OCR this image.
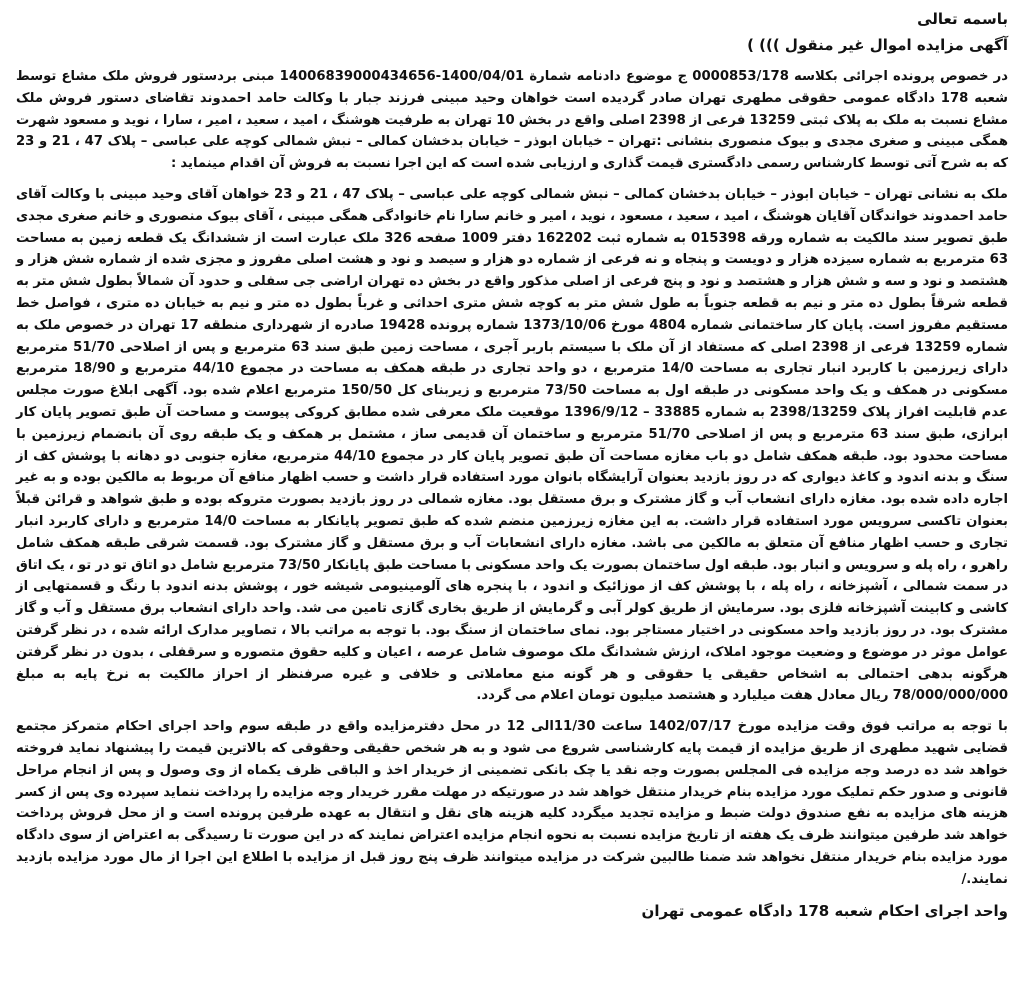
باسمه تعالی

آگهی مزایده اموال غیر منقول ))) )

در خصوص پرونده اجرائی بکلاسه 0000853/178 ج موضوع دادنامه شمارة 1400/04/01-14006839000434656 مبنی بردستور فروش ملک مشاع توسط شعبه 178 دادگاه عمومی حقوقی مطهری تهران صادر گردیده است خواهان وحید مبینی فرزند جبار با وکالت حامد احمدوند تقاضای دستور فروش ملک مشاع نسبت به ملک به پلاک ثبتی 13259 فرعی از 2398 اصلی واقع در بخش 10 تهران به طرفیت هوشنگ ، امید ، سعید ، امیر ، سارا ، نوید و مسعود شهرت همگی مبینی و صغری مجدی و بیوک منصوری بنشانی :تهران – خیابان ابوذر – خیابان بدخشان کمالی – نبش شمالی کوچه علی عباسی – پلاک 47 ، 21 و 23 که به شرح آتی توسط کارشناس رسمی دادگستری قیمت گذاری و ارزیابی شده است که این اجرا نسبت به فروش آن اقدام مینماید :

ملک به نشانی تهران – خیابان ابوذر – خیابان بدخشان کمالی – نبش شمالی کوچه علی عباسی – پلاک 47 ، 21 و 23 خواهان آقای وحید مبینی با وکالت آقای حامد احمدوند خواندگان آقایان هوشنگ ، امید ، سعید ، مسعود ، نوید ، امیر و خانم سارا نام خانوادگی همگی مبینی ، آقای بیوک منصوری و خانم صغری مجدی طبق تصویر سند مالکیت به شماره ورقه 015398 به شماره ثبت 162202 دفتر 1009 صفحه 326 ملک عبارت است از ششدانگ یک قطعه زمین به مساحت 63 مترمربع به شماره سیزده هزار و دویست و پنجاه و نه فرعی از شماره دو هزار و سیصد و نود و هشت اصلی مفروز و مجزی شده از شماره شش هزار و هشتصد و نود و سه و شش هزار و هشتصد و نود و پنج فرعی از اصلی مذکور واقع در بخش ده تهران اراضی جی سفلی و حدود آن شمالاً بطول شش متر به قطعه شرقاً بطول ده متر و نیم به قطعه جنوباً به طول شش متر به کوچه شش متری احداثی و غرباً بطول ده متر و نیم به خیابان ده متری ، فواصل خط مستقیم مفروز است. پایان کار ساختمانی شماره 4804 مورخ 1373/10/06 شماره پرونده 19428 صادره از شهرداری منطقه 17 تهران در خصوص ملک به شماره 13259 فرعی از 2398 اصلی که مستفاد از آن ملک با سیستم باربر آجری ، مساحت زمین طبق سند 63 مترمربع و پس از اصلاحی 51/70 مترمربع دارای زیرزمین با کاربرد انبار تجاری به مساحت 14/0 مترمربع ، دو واحد تجاری در طبقه همکف به مساحت در مجموع 44/10 مترمربع و 18/90 مترمربع مسکونی در همکف و یک واحد مسکونی در طبقه اول به مساحت 73/50 مترمربع و زیربنای کل 150/50 مترمربع اعلام شده بود. آگهی ابلاغ صورت مجلس عدم قابلیت افراز پلاک 2398/13259 به شماره 33885 – 1396/9/12 موقعیت ملک معرفی شده مطابق کروکی پیوست و مساحت آن طبق تصویر پایان کار ابرازی، طبق سند 63 مترمربع و پس از اصلاحی 51/70 مترمربع و ساختمان آن قدیمی ساز ، مشتمل بر همکف و یک طبقه روی آن بانضمام زیرزمین با مساحت محدود بود. طبقه همکف شامل دو باب مغازه مساحت آن طبق تصویر پایان کار در مجموع 44/10 مترمربع، مغازه جنوبی دو دهانه با پوشش کف از سنگ و بدنه اندود و کاغذ دیواری که در روز بازدید بعنوان آرایشگاه بانوان مورد استفاده قرار داشت و حسب اظهار منافع آن مربوط به مالکین بوده و به غیر اجاره داده شده بود. مغازه دارای انشعاب آب و گاز مشترک و برق مستقل بود. مغازه شمالی در روز بازدید بصورت متروکه بوده و طبق شواهد و قرائن قبلاً بعنوان تاکسی سرویس مورد استفاده قرار داشت. به این مغازه زیرزمین منضم شده که طبق تصویر پایانکار به مساحت 14/0 مترمربع و دارای کاربرد انبار تجاری و حسب اظهار منافع آن متعلق به مالکین می باشد. مغازه دارای انشعابات آب و برق مستقل و گاز مشترک بود. قسمت شرقی طبقه همکف شامل راهرو ، راه پله و سرویس و انبار بود. طبقه اول ساختمان بصورت یک واحد مسکونی با مساحت طبق پایانکار 73/50 مترمربع شامل دو اتاق تو در تو ، یک اتاق در سمت شمالی ، آشپزخانه ، راه پله ، با پوشش کف از موزائیک و اندود ، با پنجره های آلومینیومی شیشه خور ، پوشش بدنه اندود با رنگ و قسمتهایی از کاشی و کابینت آشپزخانه فلزی بود. سرمایش از طریق کولر آبی و گرمایش از طریق بخاری گازی تامین می شد. واحد دارای انشعاب برق مستقل و آب و گاز مشترک بود. در روز بازدید واحد مسکونی در اختیار مستاجر بود. نمای ساختمان از سنگ بود. با توجه به مراتب بالا ، تصاویر مدارک ارائه شده ، در نظر گرفتن عوامل موثر در موضوع و وضعیت موجود املاک، ارزش ششدانگ ملک موصوف شامل عرصه ، اعیان و کلیه حقوق متصوره و سرقفلی ، بدون در نظر گرفتن هرگونه بدهی احتمالی به اشخاص حقیقی یا حقوقی و هر گونه منع معاملاتی و خلافی و غیره صرفنظر از احراز مالکیت به نرخ پایه به مبلغ 78/000/000/000 ریال معادل هفت میلیارد و هشتصد میلیون تومان اعلام می گردد.

با توجه به مراتب فوق وقت مزایده مورخ 1402/07/17 ساعت 11/30الی 12 در محل دفترمزایده واقع در طبقه سوم واحد اجرای احکام متمرکز مجتمع قضایی شهید مطهری از طریق مزایده از قیمت پایه کارشناسی شروع می شود و به هر شخص حقیقی وحقوقی که بالاترین قیمت را پیشنهاد نماید فروخته خواهد شد ده درصد وجه مزایده فی المجلس بصورت وجه نقد یا چک بانکی تضمینی از خریدار اخذ و الباقی ظرف یکماه از وی وصول و پس از انجام مراحل قانونی و صدور حکم تملیک مورد مزایده بنام خریدار منتقل خواهد شد در صورتیکه در مهلت مقرر خریدار وجه مزایده را پرداخت ننماید سپرده وی پس از کسر هزینه های مزایده به نفع صندوق دولت ضبط و مزایده تجدید میگردد کلیه هزینه های نقل و انتقال به عهده طرفین پرونده است و از محل فروش پرداخت خواهد شد طرفین میتوانند ظرف یک هفته از تاریخ مزایده نسبت به نحوه انجام مزایده اعتراض نمایند که در این صورت تا رسیدگی به اعتراض از سوی دادگاه مورد مزایده بنام خریدار منتقل نخواهد شد ضمنا طالبین شرکت در مزایده میتوانند ظرف پنج روز قبل از مزایده با اطلاع این اجرا از مال مورد مزایده بازدید نمایند./

واحد اجرای احکام شعبه 178 دادگاه عمومی تهران
